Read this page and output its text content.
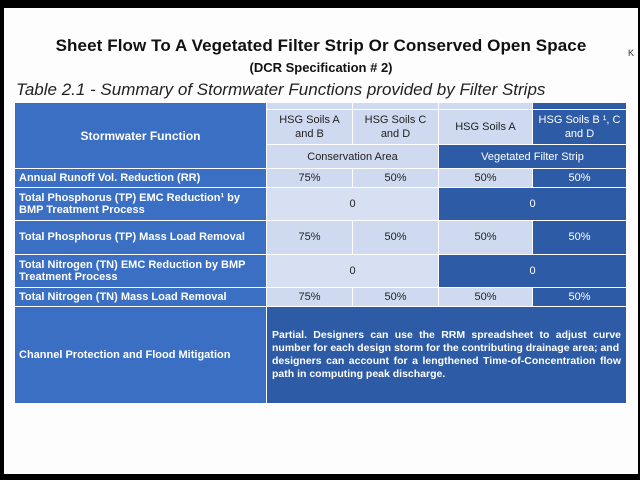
Sheet Flow To A Vegetated Filter Strip Or Conserved Open Space
(DCR Specification # 2)
Table 2.1 - Summary of Stormwater Functions provided by Filter Strips
K
Stormwater Function				
	HSG Soils A and B	HSG Soils C and D	HSG Soils A	HSG Soils B ¹, C and D
	Conservation Area		Vegetated Filter Strip	
Annual Runoff Vol. Reduction (RR)	75%	50%	50%	50%
Total Phosphorus (TP) EMC Reduction¹ by BMP Treatment Process	0		0	
Total Phosphorus (TP) Mass Load Removal	75%	50%	50%	50%
Total Nitrogen (TN) EMC Reduction by BMP Treatment Process	0		0	
Total Nitrogen (TN) Mass Load Removal	75%	50%	50%	50%
Channel Protection and Flood Mitigation	Partial. Designers can use the RRM spreadsheet to adjust curve number for each design storm for the contributing drainage area; and
designers can account for a lengthened Time-of-Concentration flow path in computing peak discharge.			
